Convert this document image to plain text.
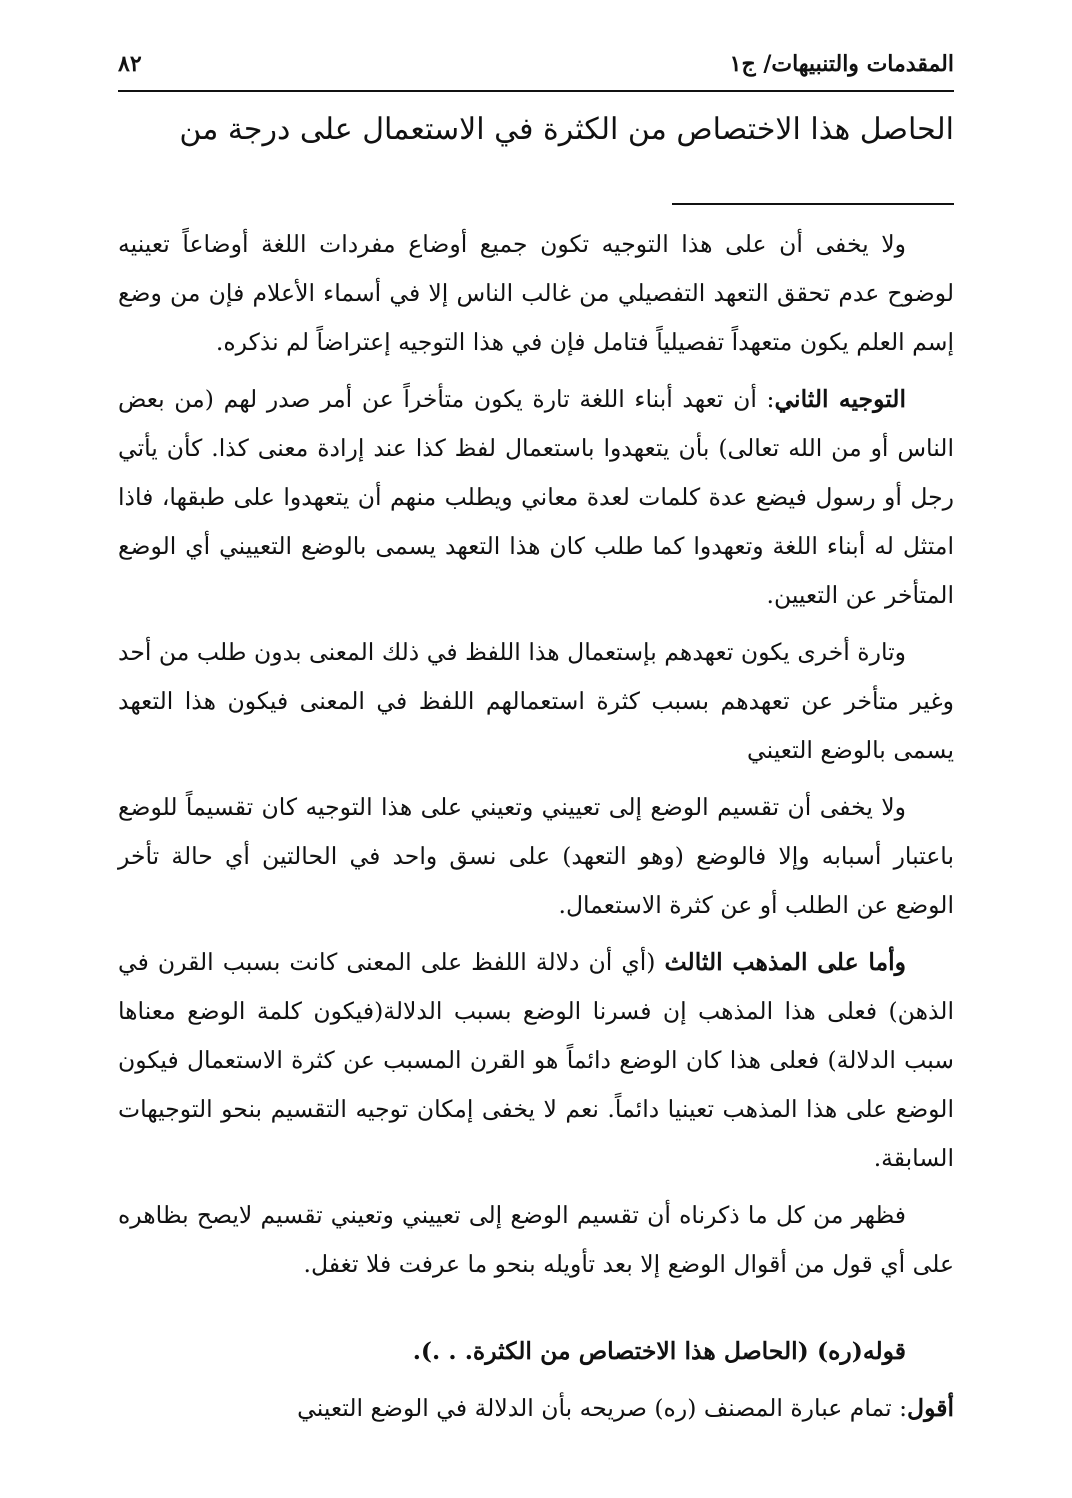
المقدمات والتنبيهات/ ج١
٨٢
الحاصل هذا الاختصاص من الكثرة في الاستعمال على درجة من

ولا يخفى أن على هذا التوجيه تكون جميع أوضاع مفردات اللغة أوضاعاً تعينيه لوضوح عدم تحقق التعهد التفصيلي من غالب الناس إلا في أسماء الأعلام فإن من وضع إسم العلم يكون متعهداً تفصيلياً فتامل فإن في هذا التوجيه إعتراضاً لم نذكره.

التوجيه الثاني: أن تعهد أبناء اللغة تارة يكون متأخراً عن أمر صدر لهم (من بعض الناس أو من الله تعالى) بأن يتعهدوا باستعمال لفظ كذا عند إرادة معنى كذا. كأن يأتي رجل أو رسول فيضع عدة كلمات لعدة معاني ويطلب منهم أن يتعهدوا على طبقها، فاذا امتثل له أبناء اللغة وتعهدوا كما طلب كان هذا التعهد يسمى بالوضع التعييني أي الوضع المتأخر عن التعيين.

وتارة أخرى يكون تعهدهم بإستعمال هذا اللفظ في ذلك المعنى بدون طلب من أحد وغير متأخر عن تعهدهم بسبب كثرة استعمالهم اللفظ في المعنى فيكون هذا التعهد يسمى بالوضع التعيني

ولا يخفى أن تقسيم الوضع إلى تعييني وتعيني على هذا التوجيه كان تقسيماً للوضع باعتبار أسبابه وإلا فالوضع (وهو التعهد) على نسق واحد في الحالتين أي حالة تأخر الوضع عن الطلب أو عن كثرة الاستعمال.

وأما على المذهب الثالث (أي أن دلالة اللفظ على المعنى كانت بسبب القرن في الذهن) فعلى هذا المذهب إن فسرنا الوضع بسبب الدلالة(فيكون كلمة الوضع معناها سبب الدلالة) فعلى هذا كان الوضع دائماً هو القرن المسبب عن كثرة الاستعمال فيكون الوضع على هذا المذهب تعينيا دائماً. نعم لا يخفى إمكان توجيه التقسيم بنحو التوجيهات السابقة.

فظهر من كل ما ذكرناه أن تقسيم الوضع إلى تعييني وتعيني تقسيم لايصح بظاهره على أي قول من أقوال الوضع إلا بعد تأويله بنحو ما عرفت فلا تغفل.

قوله(ره) (الحاصل هذا الاختصاص من الكثرة. . .).

أقول: تمام عبارة المصنف (ره) صريحه بأن الدلالة في الوضع التعيني
